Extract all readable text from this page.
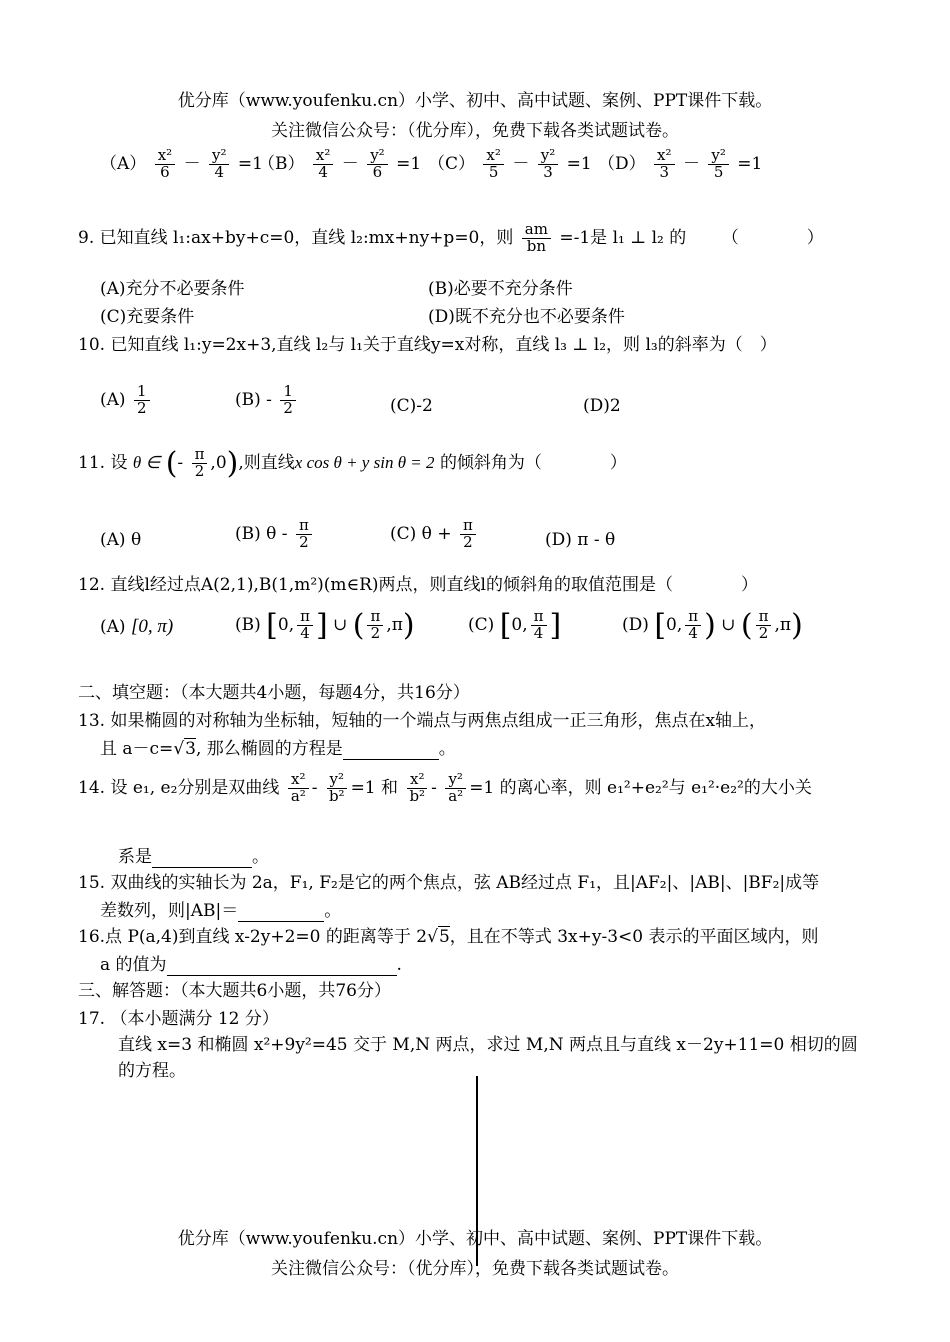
优分库（www.youfenku.cn）小学、初中、高中试题、案例、PPT课件下载。
关注微信公众号：（优分库），免费下载各类试题试卷。
$(A) \frac{\text{x²}}{6} - \frac{\text{y²}}{4} =1$
$(B) \frac{\text{x²}}{4} - \frac{\text{y²}}{6} =1$ $(C) \frac{\text{x²}}{5} - \frac{\text{y²}}{3} =1$ $(D) \frac{\text{x²}}{3} - \frac{\text{y²}}{5} =1$
9. 已知直线 l₁:ax+by+c=0，直线 l₂:mx+ny+p=0，则 $\frac{am}{bn} =-1$是 l₁ ⊥ l₂ 的 （　　　　）
(A)充分不必要条件	(B)必要不充分条件
(C)充要条件	(D)既不充分也不必要条件
10. 已知直线 l₁:y=2x+3,直线 l₂与 l₁关于直线y=x对称，直线 l₃ ⊥ l₂，则 l₃的斜率为（　）
$(A) \frac{1}{2}$	$(B) - \frac{1}{2}$	(C)-2	(D)2
11. 设 θ ∈ (- $\frac{\pi}{2} ,0$),则直线x cos θ + y sin θ = 2 的倾斜角为（　　　　）
(A) θ	(B) θ - $\frac{\pi}{2}$	(C) $\theta + \frac{\pi}{2}$	(D) π - θ
12. 直线l经过点A(2,1),B(1,m²)(m∈R)两点，则直线l的倾斜角的取值范围是（　　　　）
(A) [0, π)	(B) [0, $\frac{\pi}{4}$ ] ∪ ( $\frac{\pi}{2} ,\pi$)	(C) [0, $\frac{\pi}{4}$ ]	(D) [0, $\frac{\pi}{4}$ ) ∪ ( $\frac{\pi}{2} ,\pi$)
二、填空题：（本大题共4小题，每题4分，共16分）
13. 如果椭圆的对称轴为坐标轴，短轴的一个端点与两焦点组成一正三角形，焦点在x轴上，
且 a－c=√3, 那么椭圆的方程是	。
14. 设 e₁, e₂分别是双曲线 $\frac{\text{x²}}{\text{a²}} - \frac{\text{y²}}{\text{b²}} =1$ 和 $\frac{\text{x²}}{\text{b²}} - \frac{\text{y²}}{\text{a²}} =1$ 的离心率，则 e₁²+e₂²与 e₁²·e₂²的大小关
系是	。
15. 双曲线的实轴长为 2a，F₁, F₂是它的两个焦点，弦 AB经过点 F₁，且|AF₂|、|AB|、|BF₂|成等
差数列，则|AB|＝	。
16.点 P(a,4)到直线 x-2y+2=0 的距离等于 2√5，且在不等式 3x+y-3<0 表示的平面区域内，则
a 的值为	.
三、解答题：（本大题共6小题，共76分）
17. （本小题满分 12 分）
直线 x=3 和椭圆 x²+9y²=45 交于 M,N 两点，求过 M,N 两点且与直线 x－2y+11=0 相切的圆
的方程。
优分库（www.youfenku.cn）小学、初中、高中试题、案例、PPT课件下载。
关注微信公众号：（优分库），免费下载各类试题试卷。
